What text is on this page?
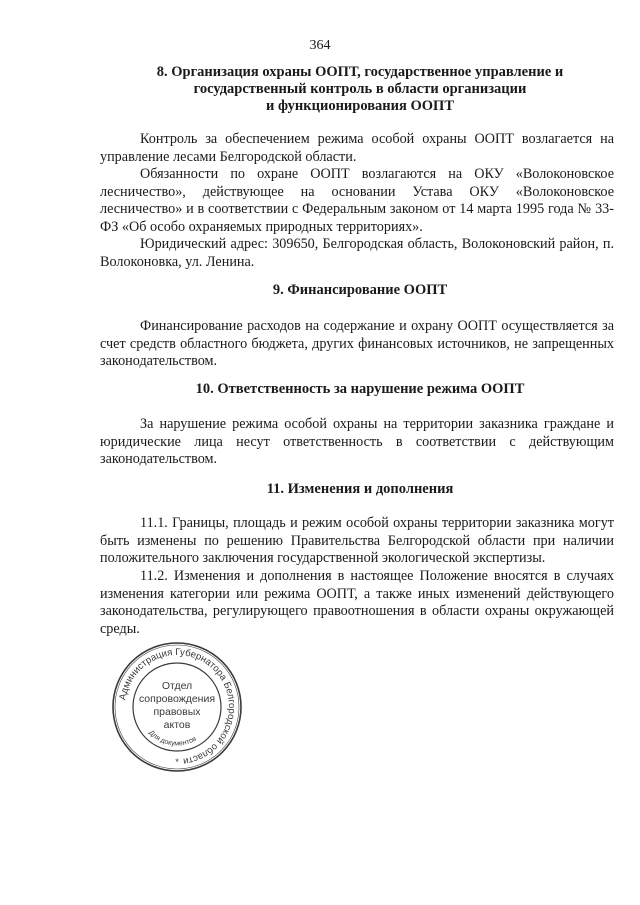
364
8. Организация охраны ООПТ, государственное управление и
государственный контроль в области организации
и функционирования ООПТ

Контроль за обеспечением режима особой охраны ООПТ возлагается на управление лесами Белгородской области.

Обязанности по охране ООПТ возлагаются на ОКУ «Волоконовское лесничество», действующее на основании Устава ОКУ «Волоконовское лесничество» и в соответствии с Федеральным законом от 14 марта 1995 года № 33-ФЗ «Об особо охраняемых природных территориях».

Юридический адрес: 309650, Белгородская область, Волоконовский район, п. Волоконовка, ул. Ленина.

9. Финансирование ООПТ

Финансирование расходов на содержание и охрану ООПТ осуществляется за счет средств областного бюджета, других финансовых источников, не запрещенных законодательством.

10. Ответственность за нарушение режима ООПТ

За нарушение режима особой охраны на территории заказника граждане и юридические лица несут ответственность в соответствии с действующим законодательством.

11. Изменения и дополнения

11.1. Границы, площадь и режим особой охраны территории заказника могут быть изменены по решению Правительства Белгородской области при наличии положительного заключения государственной экологической экспертизы.

11.2. Изменения и дополнения в настоящее Положение вносятся в случаях изменения категории или режима ООПТ, а также иных изменений действующего законодательства, регулирующего правоотношения в области охраны окружающей среды.

Администрация Губернатора Белгородской области
Для документов
Отдел
сопровождения
правовых
актов
*
